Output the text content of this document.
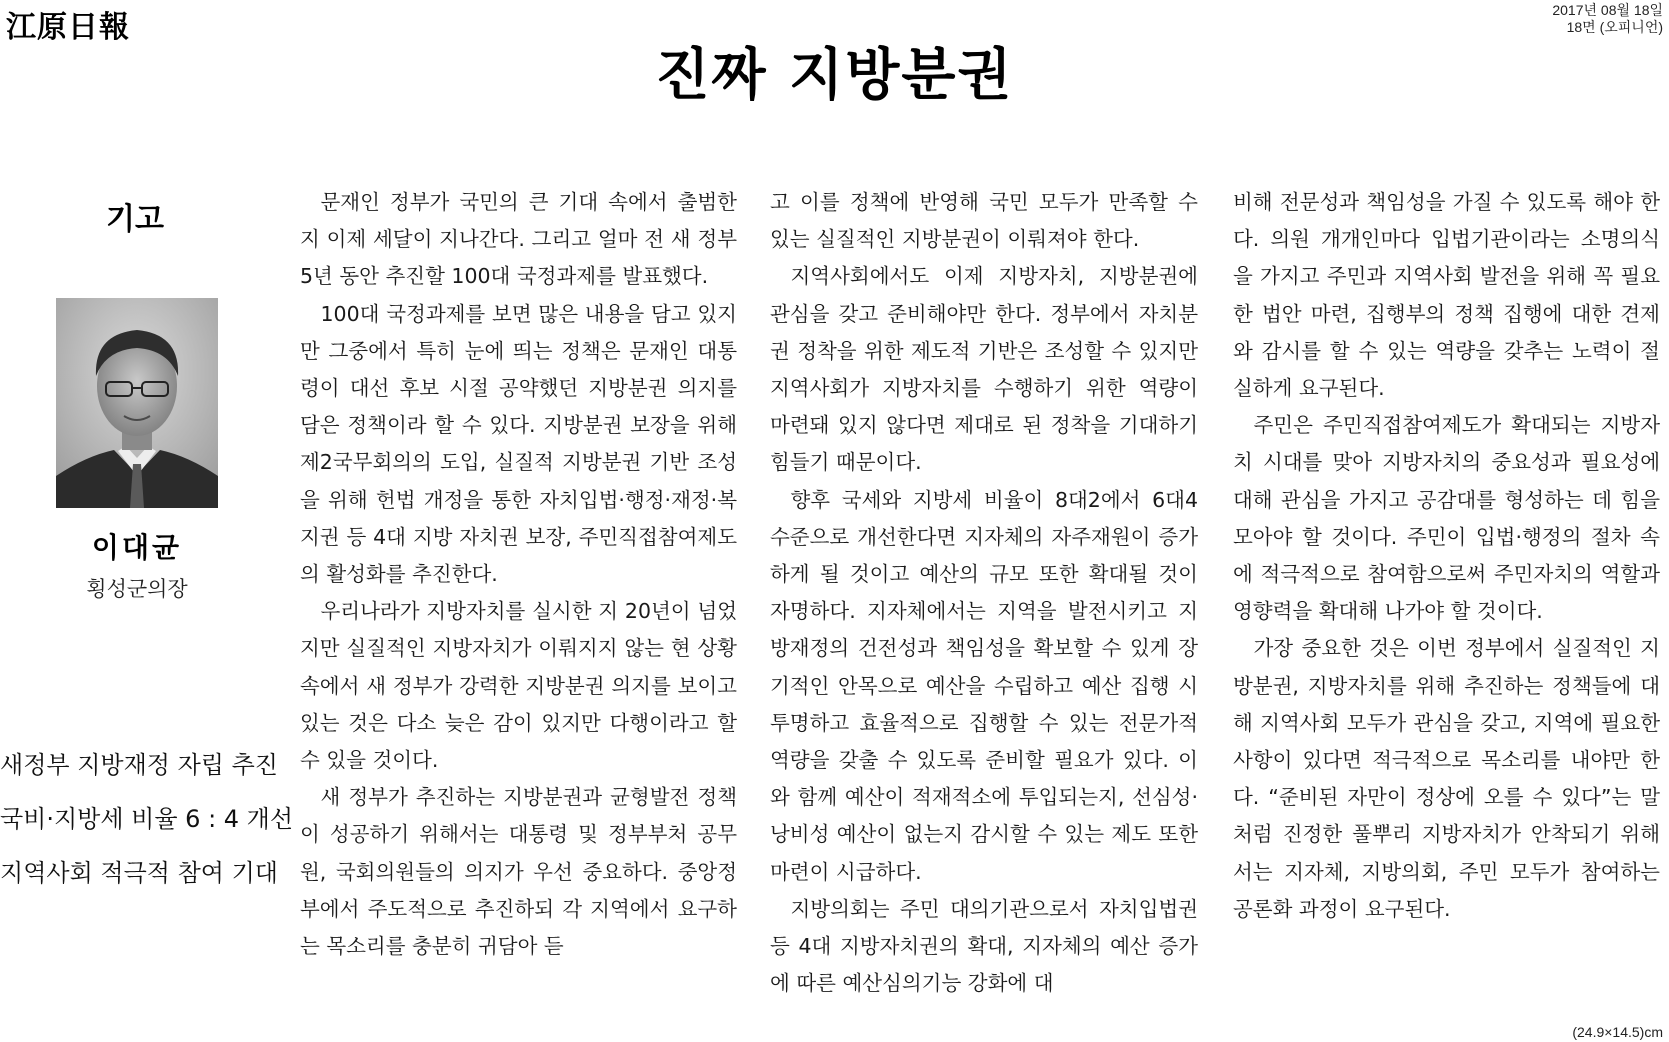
江原日報	2017년 08월 18일
18면 (오피니언)
진짜 지방분권
기고
이대균
횡성군의장
새정부 지방재정 자립 추진
국비·지방세 비율 6 : 4 개선
지역사회 적극적 참여 기대

문재인 정부가 국민의 큰 기대 속에서 출범한 지 이제 세달이 지나간다. 그리고 얼마 전 새 정부 5년 동안 추진할 100대 국정과제를 발표했다.

100대 국정과제를 보면 많은 내용을 담고 있지만 그중에서 특히 눈에 띄는 정책은 문재인 대통령이 대선 후보 시절 공약했던 지방분권 의지를 담은 정책이라 할 수 있다. 지방분권 보장을 위해 제2국무회의의 도입, 실질적 지방분권 기반 조성을 위해 헌법 개정을 통한 자치입법·행정·재정·복지권 등 4대 지방 자치권 보장, 주민직접참여제도의 활성화를 추진한다.

우리나라가 지방자치를 실시한 지 20년이 넘었지만 실질적인 지방자치가 이뤄지지 않는 현 상황 속에서 새 정부가 강력한 지방분권 의지를 보이고 있는 것은 다소 늦은 감이 있지만 다행이라고 할 수 있을 것이다.

새 정부가 추진하는 지방분권과 균형발전 정책이 성공하기 위해서는 대통령 및 정부부처 공무원, 국회의원들의 의지가 우선 중요하다. 중앙정부에서 주도적으로 추진하되 각 지역에서 요구하는 목소리를 충분히 귀담아 듣

고 이를 정책에 반영해 국민 모두가 만족할 수 있는 실질적인 지방분권이 이뤄져야 한다.

지역사회에서도 이제 지방자치, 지방분권에 관심을 갖고 준비해야만 한다. 정부에서 자치분권 정착을 위한 제도적 기반은 조성할 수 있지만 지역사회가 지방자치를 수행하기 위한 역량이 마련돼 있지 않다면 제대로 된 정착을 기대하기 힘들기 때문이다.

향후 국세와 지방세 비율이 8대2에서 6대4 수준으로 개선한다면 지자체의 자주재원이 증가하게 될 것이고 예산의 규모 또한 확대될 것이 자명하다. 지자체에서는 지역을 발전시키고 지방재정의 건전성과 책임성을 확보할 수 있게 장기적인 안목으로 예산을 수립하고 예산 집행 시 투명하고 효율적으로 집행할 수 있는 전문가적 역량을 갖출 수 있도록 준비할 필요가 있다. 이와 함께 예산이 적재적소에 투입되는지, 선심성·낭비성 예산이 없는지 감시할 수 있는 제도 또한 마련이 시급하다.

지방의회는 주민 대의기관으로서 자치입법권 등 4대 지방자치권의 확대, 지자체의 예산 증가에 따른 예산심의기능 강화에 대

비해 전문성과 책임성을 가질 수 있도록 해야 한다. 의원 개개인마다 입법기관이라는 소명의식을 가지고 주민과 지역사회 발전을 위해 꼭 필요한 법안 마련, 집행부의 정책 집행에 대한 견제와 감시를 할 수 있는 역량을 갖추는 노력이 절실하게 요구된다.

주민은 주민직접참여제도가 확대되는 지방자치 시대를 맞아 지방자치의 중요성과 필요성에 대해 관심을 가지고 공감대를 형성하는 데 힘을 모아야 할 것이다. 주민이 입법·행정의 절차 속에 적극적으로 참여함으로써 주민자치의 역할과 영향력을 확대해 나가야 할 것이다.

가장 중요한 것은 이번 정부에서 실질적인 지방분권, 지방자치를 위해 추진하는 정책들에 대해 지역사회 모두가 관심을 갖고, 지역에 필요한 사항이 있다면 적극적으로 목소리를 내야만 한다. “준비된 자만이 정상에 오를 수 있다”는 말처럼 진정한 풀뿌리 지방자치가 안착되기 위해서는 지자체, 지방의회, 주민 모두가 참여하는 공론화 과정이 요구된다.

(24.9×14.5)cm
